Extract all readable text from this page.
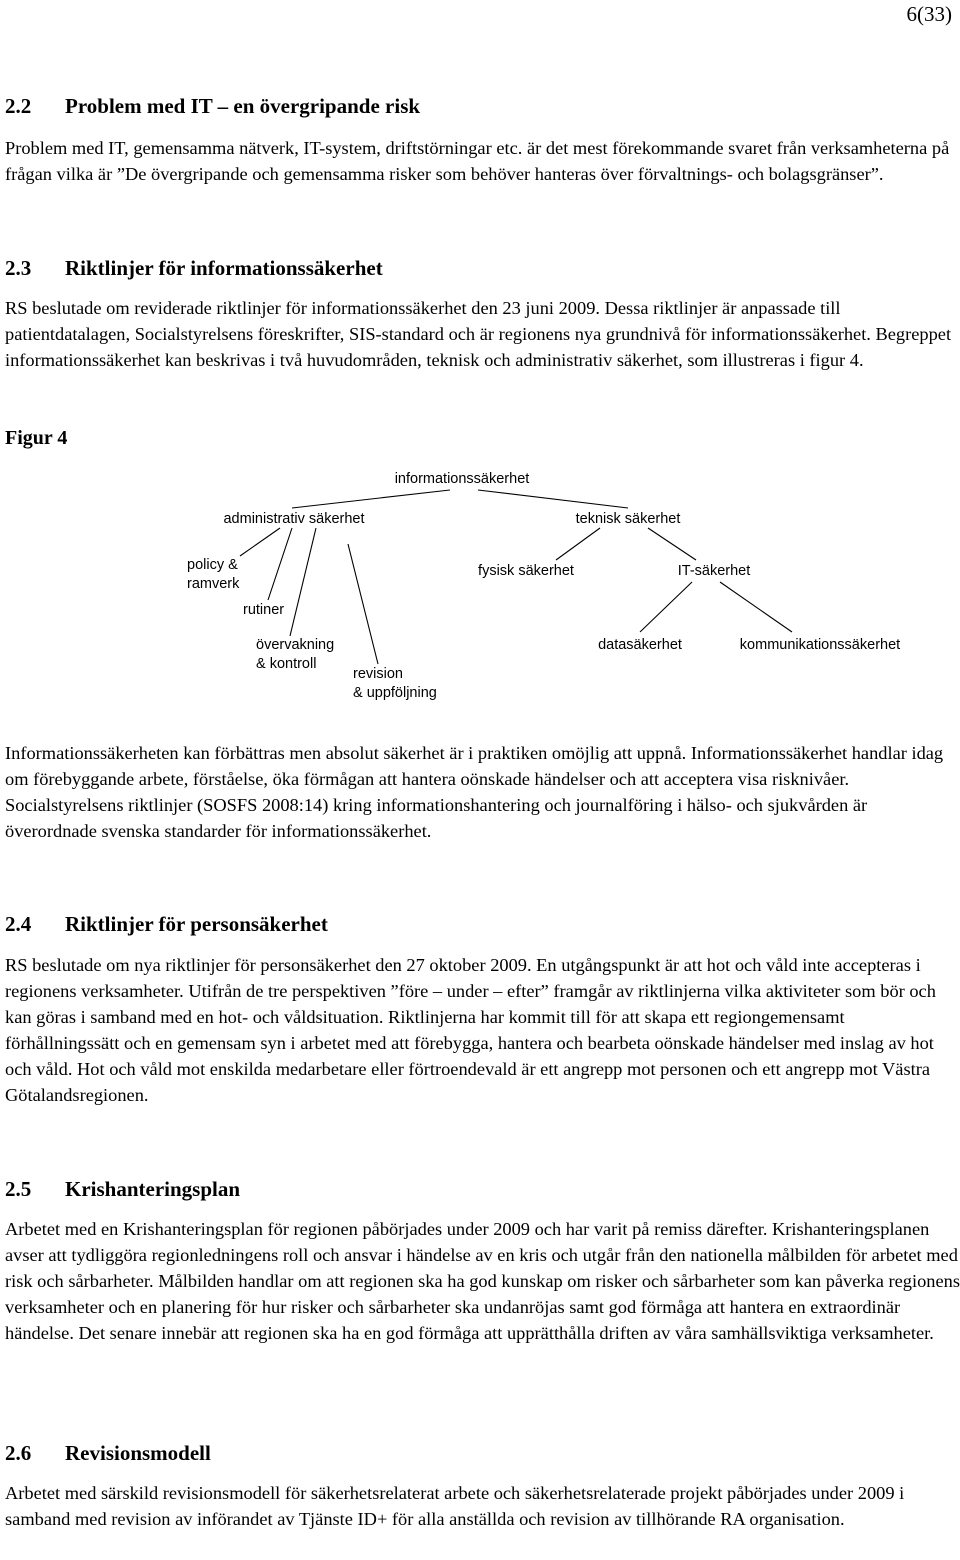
6(33)
2.2 Problem med IT – en övergripande risk

Problem med IT, gemensamma nätverk, IT-system, driftstörningar etc. är det mest förekommande svaret från verksamheterna på frågan vilka är ”De övergripande och gemensamma risker som behöver hanteras över förvaltnings- och bolagsgränser”.

2.3 Riktlinjer för informationssäkerhet

RS beslutade om reviderade riktlinjer för informationssäkerhet den 23 juni 2009. Dessa riktlinjer är anpassade till patientdatalagen, Socialstyrelsens föreskrifter, SIS-standard och är regionens nya grundnivå för informationssäkerhet. Begreppet informationssäkerhet kan beskrivas i två huvudområden, teknisk och administrativ säkerhet, som illustreras i figur 4.

Figur 4
informationssäkerhet
administrativ säkerhet	teknisk säkerhet
policy &
ramverk
rutiner
övervakning
& kontroll
revision
& uppföljning
fysisk säkerhet	IT-säkerhet
datasäkerhet	kommunikationssäkerhet

Informationssäkerheten kan förbättras men absolut säkerhet är i praktiken omöjlig att uppnå. Informationssäkerhet handlar idag om förebyggande arbete, förståelse, öka förmågan att hantera oönskade händelser och att acceptera visa risknivåer. Socialstyrelsens riktlinjer (SOSFS 2008:14) kring informationshantering och journalföring i hälso- och sjukvården är överordnade svenska standarder för informationssäkerhet.

2.4 Riktlinjer för personsäkerhet

RS beslutade om nya riktlinjer för personsäkerhet den 27 oktober 2009. En utgångspunkt är att hot och våld inte accepteras i regionens verksamheter. Utifrån de tre perspektiven ”före – under – efter” framgår av riktlinjerna vilka aktiviteter som bör och kan göras i samband med en hot- och våldsituation. Riktlinjerna har kommit till för att skapa ett regiongemensamt förhållningssätt och en gemensam syn i arbetet med att förebygga, hantera och bearbeta oönskade händelser med inslag av hot och våld. Hot och våld mot enskilda medarbetare eller förtroendevald är ett angrepp mot personen och ett angrepp mot Västra Götalandsregionen.

2.5 Krishanteringsplan

Arbetet med en Krishanteringsplan för regionen påbörjades under 2009 och har varit på remiss därefter. Krishanteringsplanen avser att tydliggöra regionledningens roll och ansvar i händelse av en kris och utgår från den nationella målbilden för arbetet med risk och sårbarheter. Målbilden handlar om att regionen ska ha god kunskap om risker och sårbarheter som kan påverka regionens verksamheter och en planering för hur risker och sårbarheter ska undanröjas samt god förmåga att hantera en extraordinär händelse. Det senare innebär att regionen ska ha en god förmåga att upprätthålla driften av våra samhällsviktiga verksamheter.

2.6 Revisionsmodell

Arbetet med särskild revisionsmodell för säkerhetsrelaterat arbete och säkerhetsrelaterade projekt påbörjades under 2009 i samband med revision av införandet av Tjänste ID+ för alla anställda och revision av tillhörande RA organisation.
